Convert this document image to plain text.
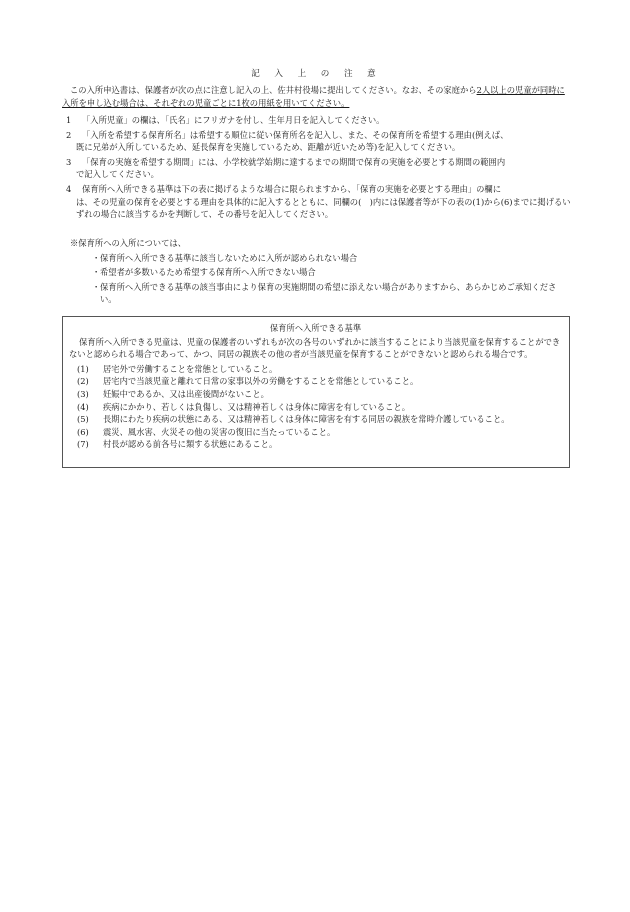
記　入　上　の　注　意

この入所申込書は、保護者が次の点に注意し記入の上、佐井村役場に提出してください。なお、その家庭から2人以上の児童が同時に入所を申し込む場合は、それぞれの児童ごとに1枚の用紙を用いてください。

1	「入所児童」の欄は、「氏名」にフリガナを付し、生年月日を記入してください。
2	「入所を希望する保育所名」は希望する順位に従い保育所名を記入し、また、その保育所を希望する理由(例えば、
既に兄弟が入所しているため、延長保育を実施しているため、距離が近いため等)を記入してください。
3	「保育の実施を希望する期間」には、小学校就学始期に達するまでの期間で保育の実施を必要とする期間の範囲内
で記入してください。
4	保育所へ入所できる基準は下の表に掲げるような場合に限られますから、「保育の実施を必要とする理由」の欄に
は、その児童の保育を必要とする理由を具体的に記入するとともに、同欄の(　)内には保護者等が下の表の(1)から(6)までに掲げるいずれの場合に該当するかを判断して、その番号を記入してください。

※保育所への入所については、

・ 保育所へ入所できる基準に該当しないために入所が認められない場合
・ 希望者が多数いるため希望する保育所へ入所できない場合
・ 保育所へ入所できる基準の該当事由により保育の実施期間の希望に添えない場合がありますから、あらかじめご承知ください。

保育所へ入所できる基準

保育所へ入所できる児童は、児童の保護者のいずれもが次の各号のいずれかに該当することにより当該児童を保育することができないと認められる場合であって、かつ、同居の親族その他の者が当該児童を保育することができないと認められる場合です。

(1)	居宅外で労働することを常態としていること。
(2)	居宅内で当該児童と離れて日常の家事以外の労働をすることを常態としていること。
(3)	妊娠中であるか、又は出産後間がないこと。
(4)	疾病にかかり、若しくは負傷し、又は精神若しくは身体に障害を有していること。
(5)	長期にわたり疾病の状態にある、又は精神若しくは身体に障害を有する同居の親族を常時介護していること。
(6)	震災、風水害、火災その他の災害の復旧に当たっていること。
(7)	村長が認める前各号に類する状態にあること。
